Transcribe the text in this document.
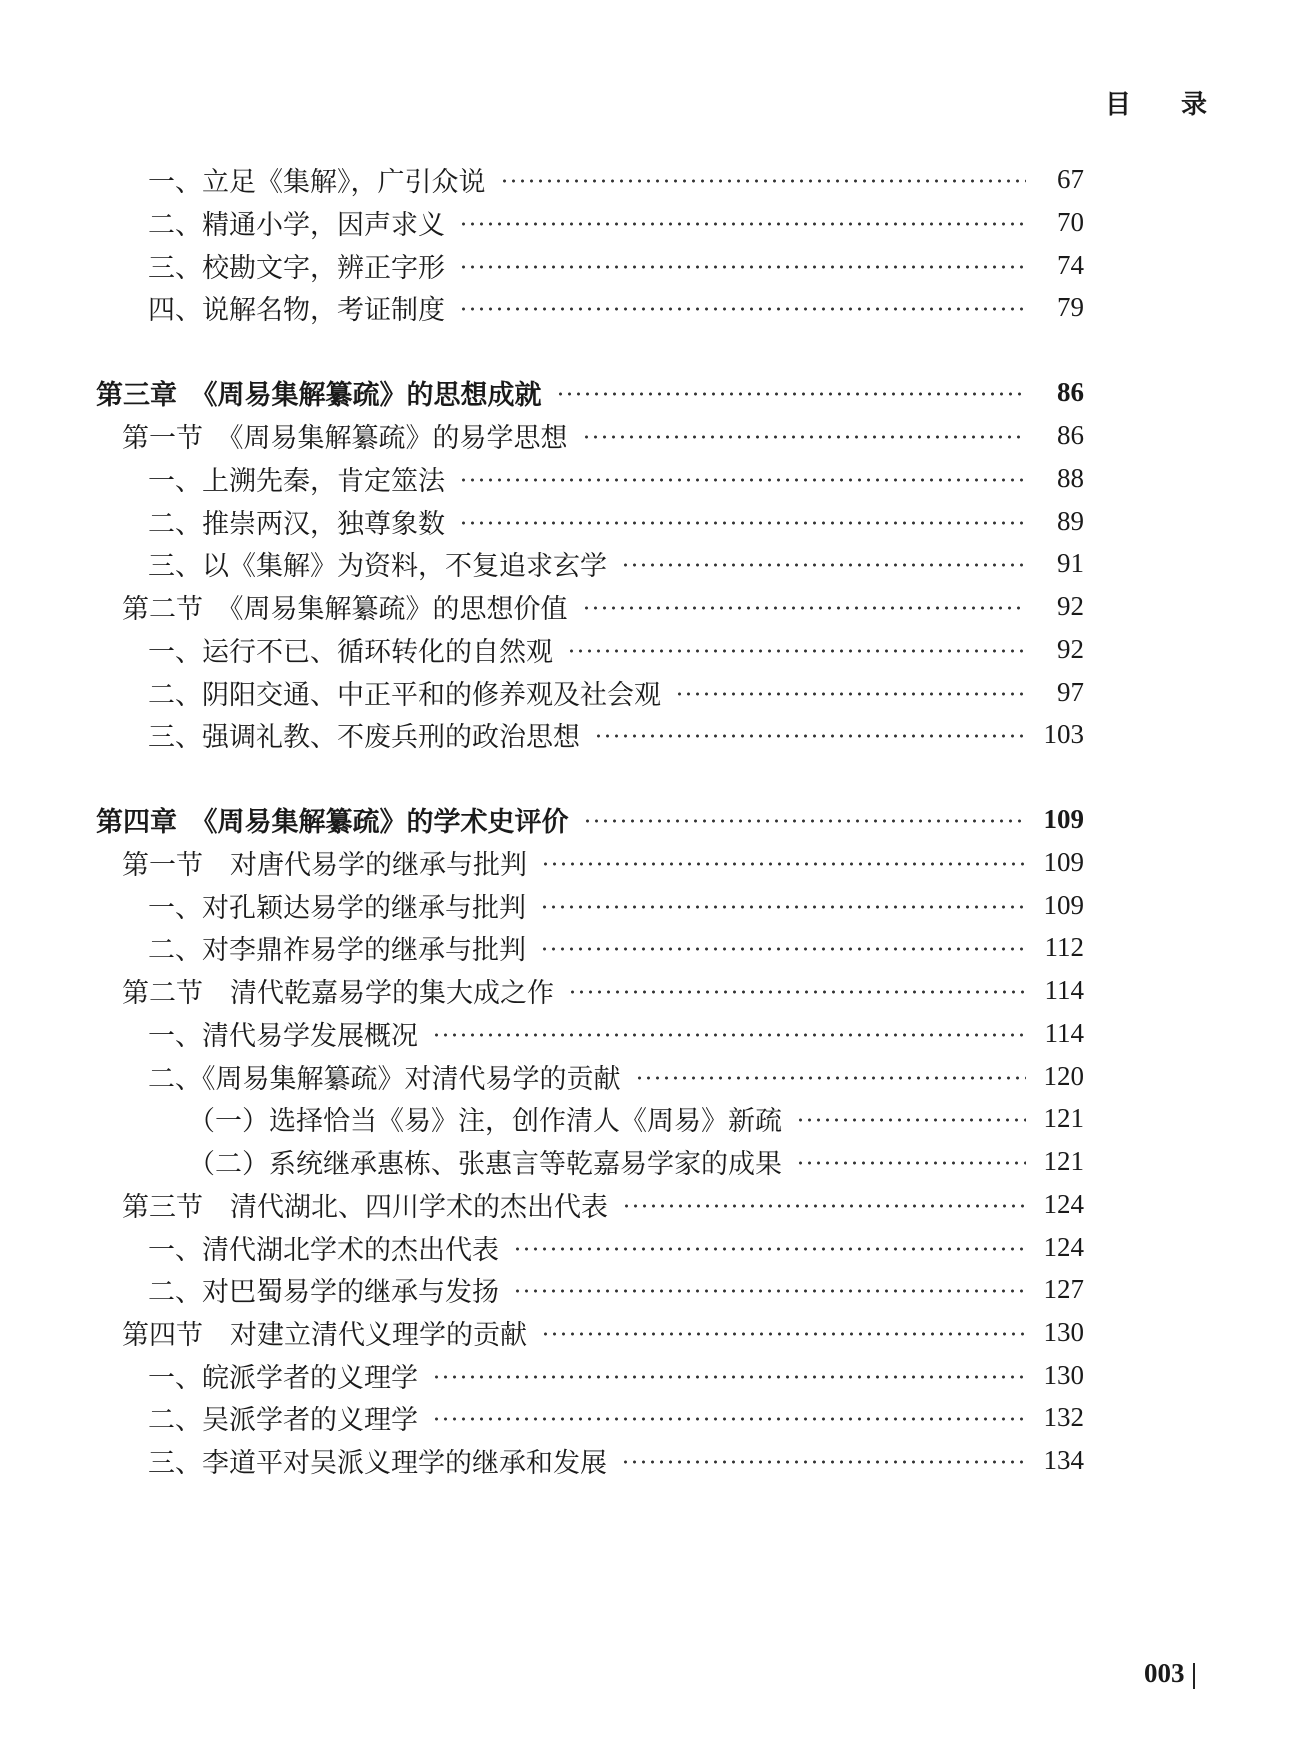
目 录
一、立足《集解》，广引众说	67
二、精通小学，因声求义	70
三、校勘文字，辨正字形	74
四、说解名物，考证制度	79
第三章　《周易集解纂疏》的思想成就	86
第一节　《周易集解纂疏》的易学思想	86
一、上溯先秦，肯定筮法	88
二、推崇两汉，独尊象数	89
三、以《集解》为资料，不复追求玄学	91
第二节　《周易集解纂疏》的思想价值	92
一、运行不已、循环转化的自然观	92
二、阴阳交通、中正平和的修养观及社会观	97
三、强调礼教、不废兵刑的政治思想	103
第四章　《周易集解纂疏》的学术史评价	109
第一节　对唐代易学的继承与批判	109
一、对孔颖达易学的继承与批判	109
二、对李鼎祚易学的继承与批判	112
第二节　清代乾嘉易学的集大成之作	114
一、清代易学发展概况	114
二、《周易集解纂疏》对清代易学的贡献	120
（一）选择恰当《易》注，创作清人《周易》新疏	121
（二）系统继承惠栋、张惠言等乾嘉易学家的成果	121
第三节　清代湖北、四川学术的杰出代表	124
一、清代湖北学术的杰出代表	124
二、对巴蜀易学的继承与发扬	127
第四节　对建立清代义理学的贡献	130
一、皖派学者的义理学	130
二、吴派学者的义理学	132
三、李道平对吴派义理学的继承和发展	134
003
